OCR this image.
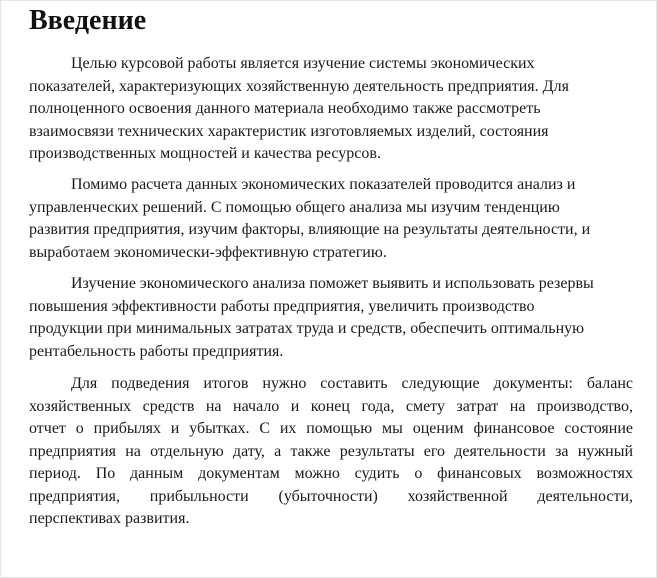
Введение

Целью курсовой работы является изучение системы экономических
показателей, характеризующих хозяйственную деятельность предприятия. Для
полноценного освоения данного материала необходимо также рассмотреть
взаимосвязи технических характеристик изготовляемых изделий, состояния
производственных мощностей и качества ресурсов.

Помимо расчета данных экономических показателей проводится анализ и
управленческих решений. С помощью общего анализа мы изучим тенденцию
развития предприятия, изучим факторы, влияющие на результаты деятельности, и
выработаем экономически-эффективную стратегию.

Изучение экономического анализа поможет выявить и использовать резервы
повышения эффективности работы предприятия, увеличить производство
продукции при минимальных затратах труда и средств, обеспечить оптимальную
рентабельность работы предприятия.

Для подведения итогов нужно составить следующие документы: баланс
хозяйственных средств на начало и конец года, смету затрат на производство,
отчет о прибылях и убытках. С их помощью мы оценим финансовое состояние
предприятия на отдельную дату, а также результаты его деятельности за нужный
период. По данным документам можно судить о финансовых возможностях
предприятия, прибыльности (убыточности) хозяйственной деятельности,
перспективах развития.
